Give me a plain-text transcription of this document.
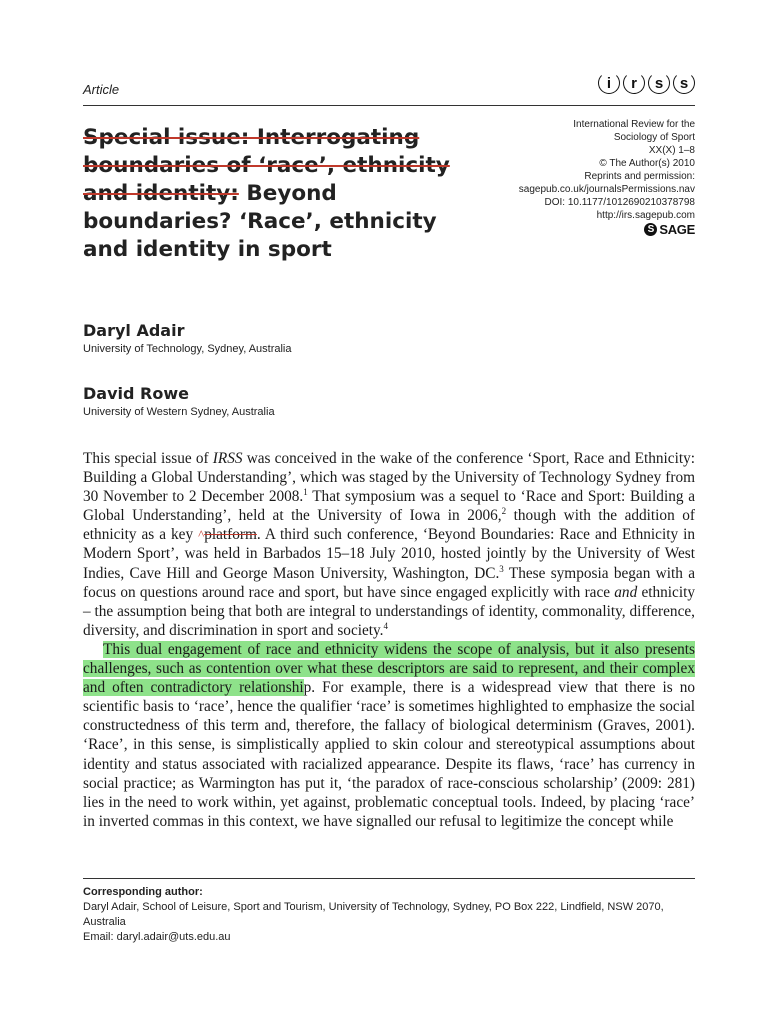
Article	i	r	s	s
Special issue: Interrogating boundaries of ‘race’, ethnicity and identity: Beyond boundaries? ‘Race’, ethnicity and identity in sport
International Review for the
Sociology of Sport
XX(X) 1–8
© The Author(s) 2010
Reprints and permission:
sagepub.co.uk/journalsPermissions.nav
DOI: 10.1177/1012690210378798
http://irs.sagepub.com
S SAGE
Daryl Adair
University of Technology, Sydney, Australia
David Rowe
University of Western Sydney, Australia

This special issue of IRSS was conceived in the wake of the conference ‘Sport, Race and Ethnicity: Building a Global Understanding’, which was staged by the University of Technology Sydney from 30 November to 2 December 2008.$^1$ That symposium was a sequel to ‘Race and Sport: Building a Global Understanding’, held at the University of Iowa in 2006,$^2$ though with the addition of ethnicity as a key ^platform. A third such conference, ‘Beyond Boundaries: Race and Ethnicity in Modern Sport’, was held in Barbados 15–18 July 2010, hosted jointly by the University of West Indies, Cave Hill and George Mason University, Washington, DC.$^3$ These symposia began with a focus on questions around race and sport, but have since engaged explicitly with race and ethnicity – the assumption being that both are integral to understandings of identity, commonality, difference, diversity, and discrimination in sport and society.$^4$

This dual engagement of race and ethnicity widens the scope of analysis, but it also presents challenges, such as contention over what these descriptors are said to represent, and their complex and often contradictory relationship. For example, there is a widespread view that there is no scientific basis to ‘race’, hence the qualifier ‘race’ is sometimes highlighted to emphasize the social constructedness of this term and, therefore, the fallacy of biological determinism (Graves, 2001). ‘Race’, in this sense, is simplistically applied to skin colour and stereotypical assumptions about identity and status associated with racialized appearance. Despite its flaws, ‘race’ has currency in social practice; as Warmington has put it, ‘the paradox of race-conscious scholarship’ (2009: 281) lies in the need to work within, yet against, problematic conceptual tools. Indeed, by placing ‘race’ in inverted commas in this context, we have signalled our refusal to legitimize the concept while

Corresponding author:
Daryl Adair, School of Leisure, Sport and Tourism, University of Technology, Sydney, PO Box 222, Lindfield, NSW 2070, Australia
Email: daryl.adair@uts.edu.au
